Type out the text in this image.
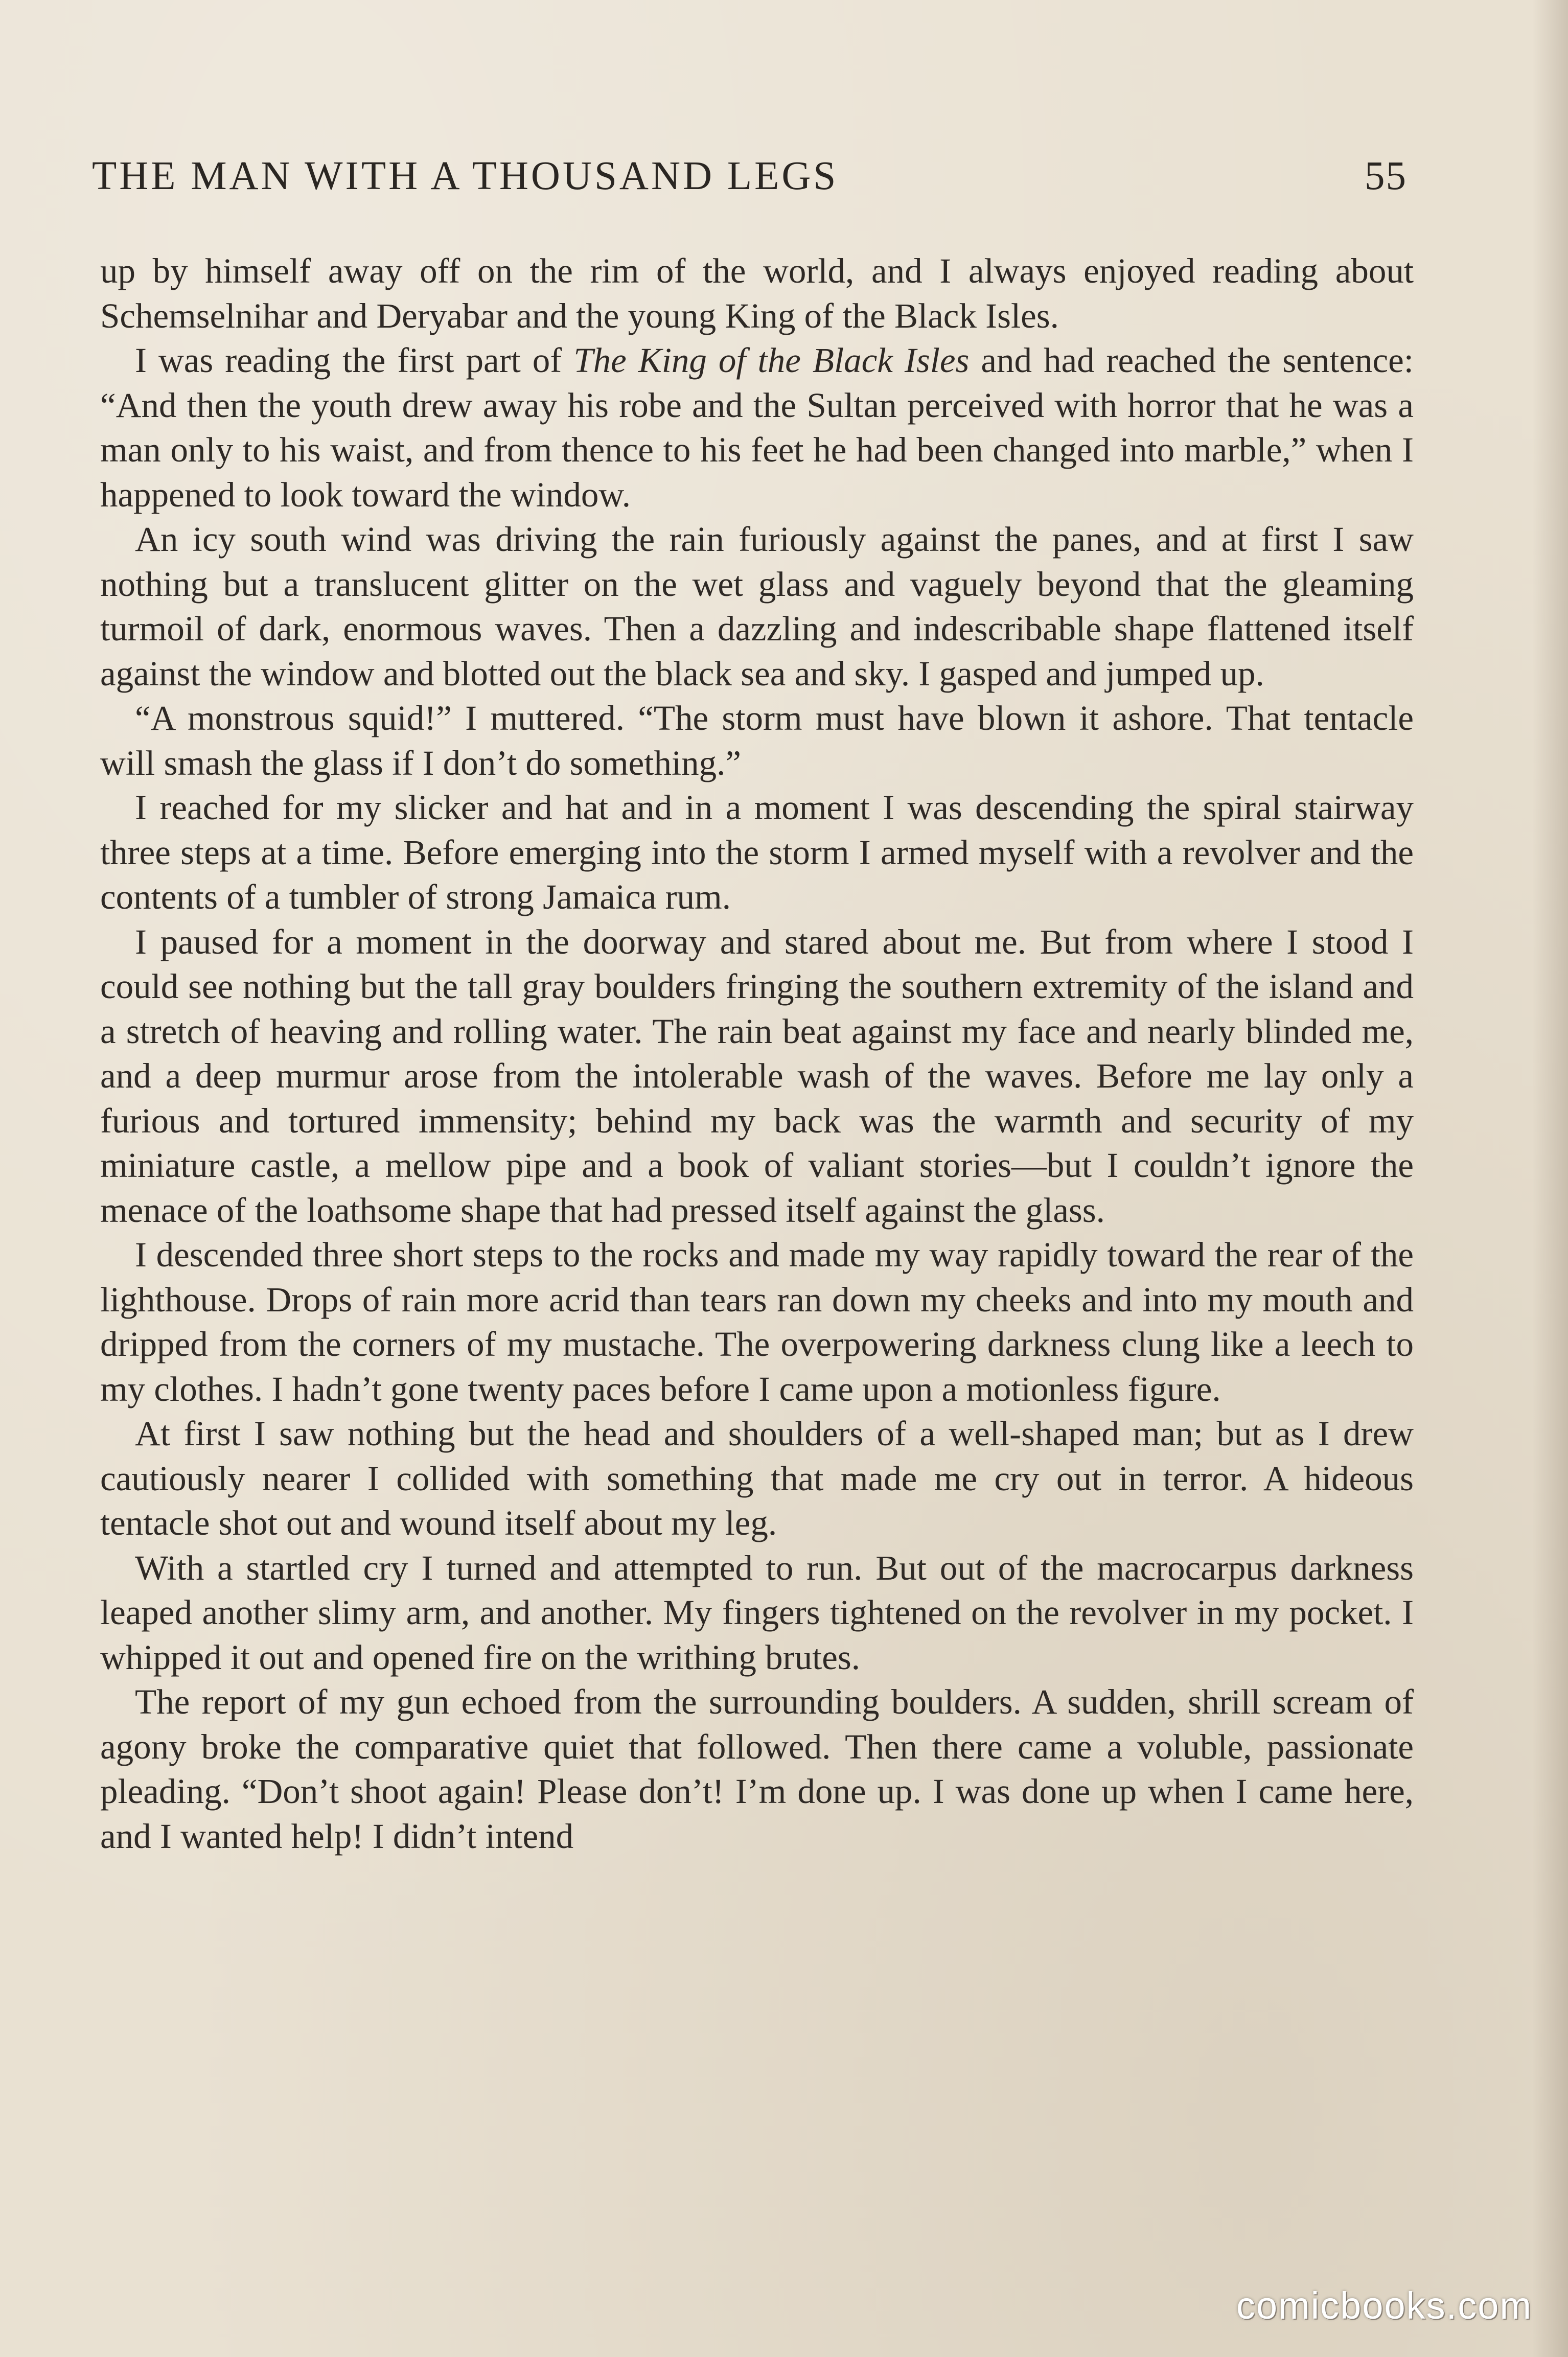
THE MAN WITH A THOUSAND LEGS	55

up by himself away off on the rim of the world, and I always enjoyed reading about Schemselnihar and Deryabar and the young King of the Black Isles.

I was reading the first part of The King of the Black Isles and had reached the sentence: “And then the youth drew away his robe and the Sultan perceived with horror that he was a man only to his waist, and from thence to his feet he had been changed into marble,” when I happened to look toward the window.

An icy south wind was driving the rain furiously against the panes, and at first I saw nothing but a translucent glitter on the wet glass and vaguely beyond that the gleaming turmoil of dark, enormous waves. Then a dazzling and indescribable shape flattened itself against the window and blotted out the black sea and sky. I gasped and jumped up.

“A monstrous squid!” I muttered. “The storm must have blown it ashore. That tentacle will smash the glass if I don’t do something.”

I reached for my slicker and hat and in a moment I was descending the spiral stairway three steps at a time. Before emerging into the storm I armed myself with a revolver and the contents of a tumbler of strong Jamaica rum.

I paused for a moment in the doorway and stared about me. But from where I stood I could see nothing but the tall gray boulders fringing the southern extremity of the island and a stretch of heaving and rolling water. The rain beat against my face and nearly blinded me, and a deep murmur arose from the intolerable wash of the waves. Before me lay only a furious and tortured immensity; behind my back was the warmth and security of my miniature castle, a mellow pipe and a book of valiant stories—but I couldn’t ignore the menace of the loathsome shape that had pressed itself against the glass.

I descended three short steps to the rocks and made my way rapidly toward the rear of the lighthouse. Drops of rain more acrid than tears ran down my cheeks and into my mouth and dripped from the corners of my mustache. The overpowering darkness clung like a leech to my clothes. I hadn’t gone twenty paces before I came upon a motionless figure.

At first I saw nothing but the head and shoulders of a well-shaped man; but as I drew cautiously nearer I collided with something that made me cry out in terror. A hideous tentacle shot out and wound itself about my leg.

With a startled cry I turned and attempted to run. But out of the macrocarpus darkness leaped another slimy arm, and another. My fingers tightened on the revolver in my pocket. I whipped it out and opened fire on the writhing brutes.

The report of my gun echoed from the surrounding boulders. A sudden, shrill scream of agony broke the comparative quiet that followed. Then there came a voluble, passionate pleading. “Don’t shoot again! Please don’t! I’m done up. I was done up when I came here, and I wanted help! I didn’t intend

comicbooks.com
